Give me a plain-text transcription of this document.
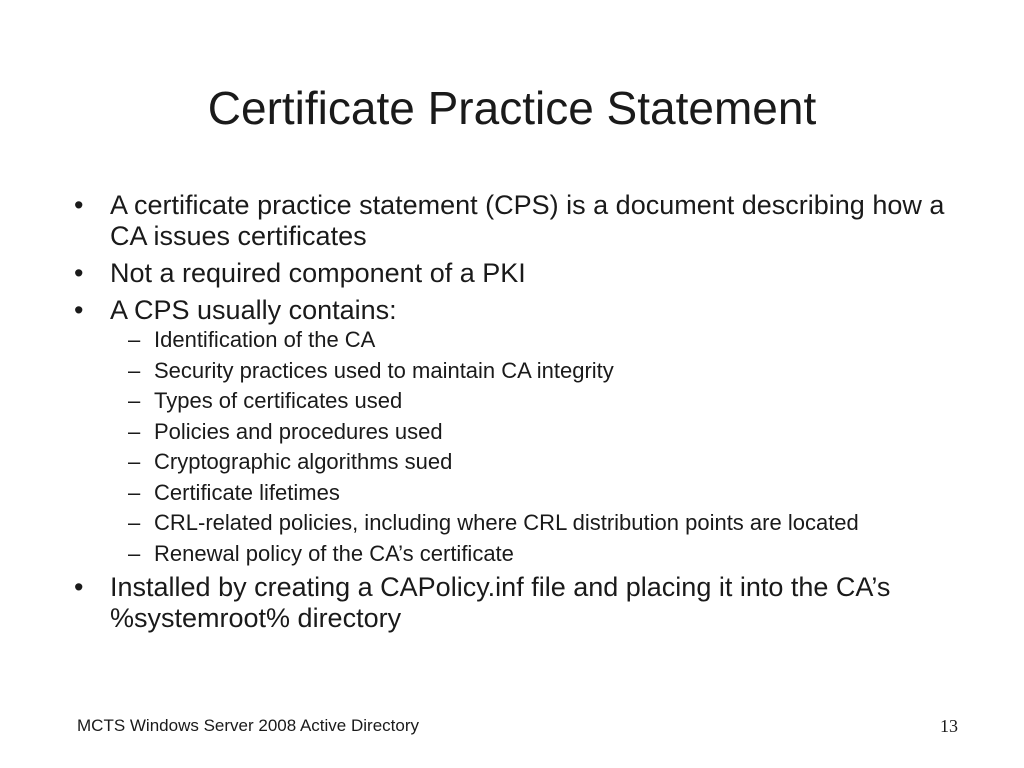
Certificate Practice Statement
• A certificate practice statement (CPS) is a document describing how a CA issues certificates
• Not a required component of a PKI
• A CPS usually contains:
– Identification of the CA
– Security practices used to maintain CA integrity
– Types of certificates used
– Policies and procedures used
– Cryptographic algorithms sued
– Certificate lifetimes
– CRL-related policies, including where CRL distribution points are located
– Renewal policy of the CA’s certificate
• Installed by creating a CAPolicy.inf file and placing it into the CA’s %systemroot% directory
MCTS Windows Server 2008 Active Directory	13
